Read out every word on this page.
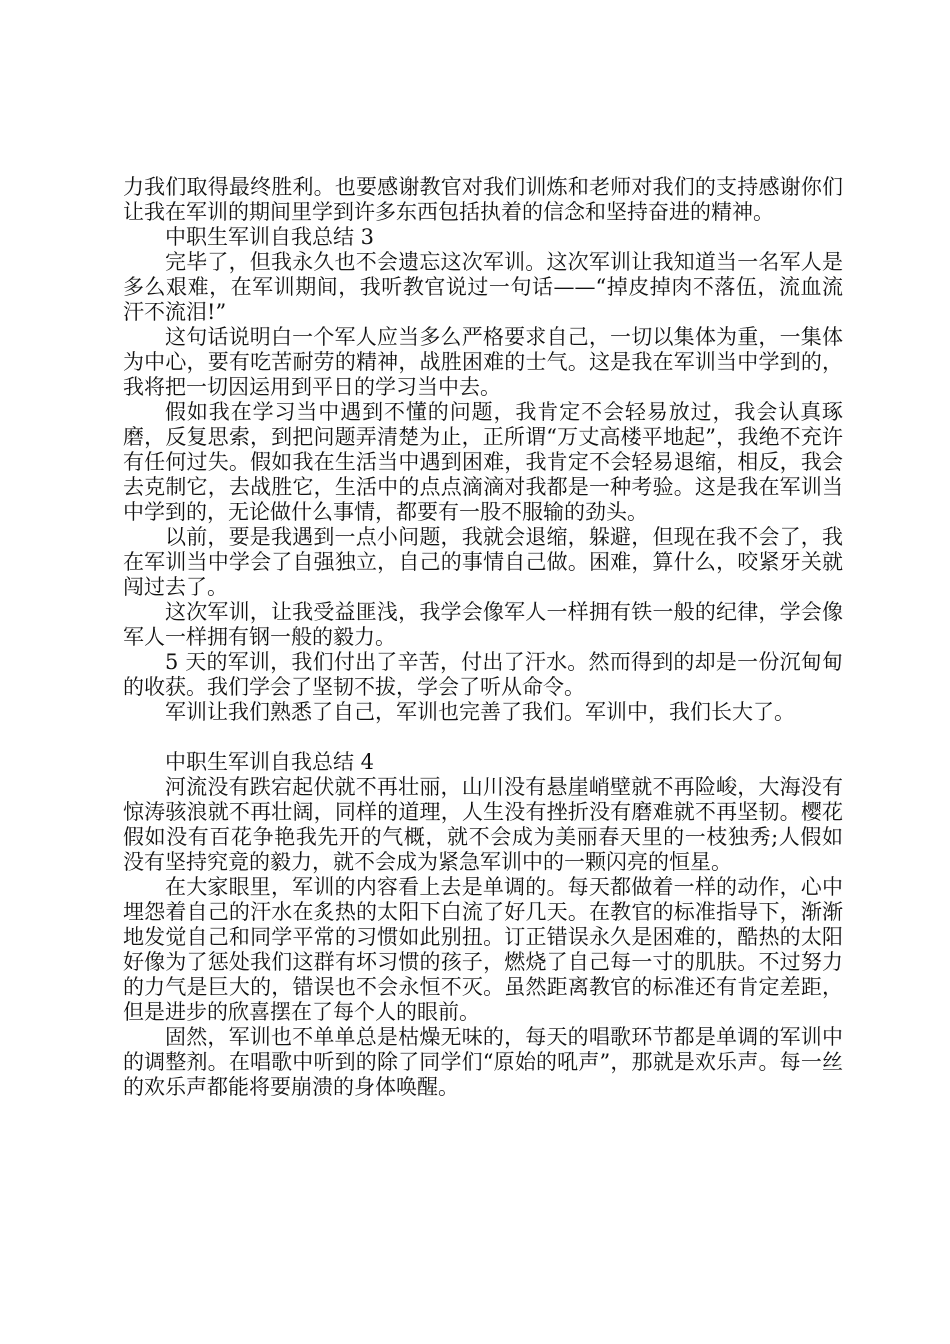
力我们取得最终胜利。也要感谢教官对我们训炼和老师对我们的支持感谢你们让我在军训的期间里学到许多东西包括执着的信念和坚持奋进的精神。

中职生军训自我总结 3

完毕了，但我永久也不会遗忘这次军训。这次军训让我知道当一名军人是多么艰难，在军训期间，我听教官说过一句话——“掉皮掉肉不落伍，流血流汗不流泪!”

这句话说明白一个军人应当多么严格要求自己，一切以集体为重，一集体为中心，要有吃苦耐劳的精神，战胜困难的士气。这是我在军训当中学到的，我将把一切因运用到平日的学习当中去。

假如我在学习当中遇到不懂的问题，我肯定不会轻易放过，我会认真琢磨，反复思索，到把问题弄清楚为止，正所谓“万丈高楼平地起”，我绝不充许有任何过失。假如我在生活当中遇到困难，我肯定不会轻易退缩，相反，我会去克制它，去战胜它，生活中的点点滴滴对我都是一种考验。这是我在军训当中学到的，无论做什么事情，都要有一股不服输的劲头。

以前，要是我遇到一点小问题，我就会退缩，躲避，但现在我不会了，我在军训当中学会了自强独立，自己的事情自己做。困难，算什么，咬紧牙关就闯过去了。

这次军训，让我受益匪浅，我学会像军人一样拥有铁一般的纪律，学会像军人一样拥有钢一般的毅力。

5 天的军训，我们付出了辛苦，付出了汗水。然而得到的却是一份沉甸甸的收获。我们学会了坚韧不拔，学会了听从命令。

军训让我们熟悉了自己，军训也完善了我们。军训中，我们长大了。

中职生军训自我总结 4

河流没有跌宕起伏就不再壮丽，山川没有悬崖峭壁就不再险峻，大海没有惊涛骇浪就不再壮阔，同样的道理，人生没有挫折没有磨难就不再坚韧。樱花假如没有百花争艳我先开的气概，就不会成为美丽春天里的一枝独秀;人假如没有坚持究竟的毅力，就不会成为紧急军训中的一颗闪亮的恒星。

在大家眼里，军训的内容看上去是单调的。每天都做着一样的动作，心中埋怨着自己的汗水在炙热的太阳下白流了好几天。在教官的标准指导下，渐渐地发觉自己和同学平常的习惯如此别扭。订正错误永久是困难的，酷热的太阳好像为了惩处我们这群有坏习惯的孩子，燃烧了自己每一寸的肌肤。不过努力的力气是巨大的，错误也不会永恒不灭。虽然距离教官的标准还有肯定差距，但是进步的欣喜摆在了每个人的眼前。

固然，军训也不单单总是枯燥无味的，每天的唱歌环节都是单调的军训中的调整剂。在唱歌中听到的除了同学们“原始的吼声”，那就是欢乐声。每一丝的欢乐声都能将要崩溃的身体唤醒。
